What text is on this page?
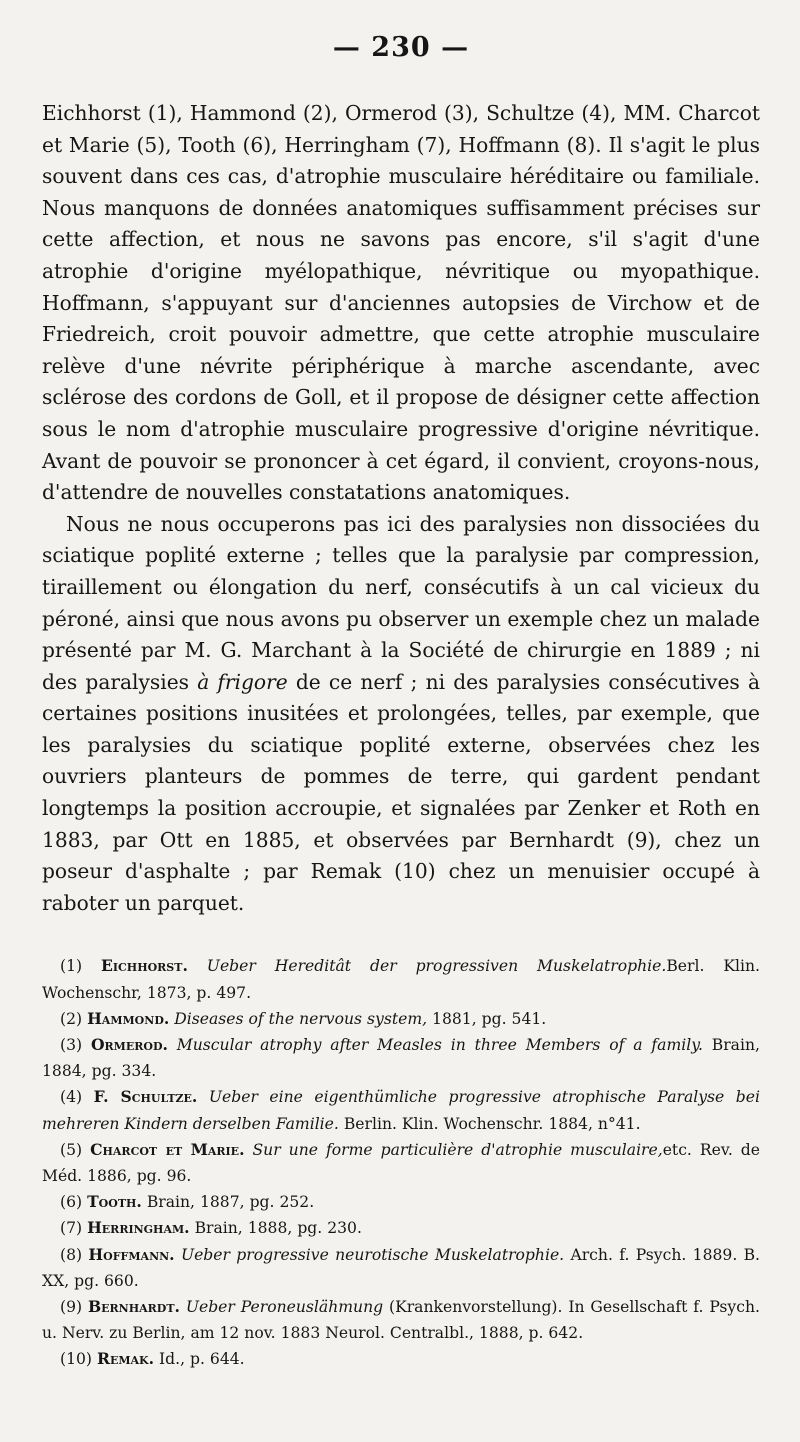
— 230 —

Eichhorst (1), Hammond (2), Ormerod (3), Schultze (4), MM. Charcot et Marie (5), Tooth (6), Herringham (7), Hoffmann (8). Il s'agit le plus souvent dans ces cas, d'atrophie musculaire héréditaire ou familiale. Nous manquons de données anatomiques suffisamment précises sur cette affection, et nous ne savons pas encore, s'il s'agit d'une atrophie d'origine myélopathique, névritique ou myopathique. Hoffmann, s'appuyant sur d'anciennes autopsies de Virchow et de Friedreich, croit pouvoir admettre, que cette atrophie musculaire relève d'une névrite périphérique à marche ascendante, avec sclérose des cordons de Goll, et il propose de désigner cette affection sous le nom d'atrophie musculaire progressive d'origine névritique. Avant de pouvoir se prononcer à cet égard, il convient, croyons-nous, d'attendre de nouvelles constatations anatomiques.

Nous ne nous occuperons pas ici des paralysies non dissociées du sciatique poplité externe ; telles que la paralysie par compression, tiraillement ou élongation du nerf, consécutifs à un cal vicieux du péroné, ainsi que nous avons pu observer un exemple chez un malade présenté par M. G. Marchant à la Société de chirurgie en 1889 ; ni des paralysies à frigore de ce nerf ; ni des paralysies consécutives à certaines positions inusitées et prolongées, telles, par exemple, que les paralysies du sciatique poplité externe, observées chez les ouvriers planteurs de pommes de terre, qui gardent pendant longtemps la position accroupie, et signalées par Zenker et Roth en 1883, par Ott en 1885, et observées par Bernhardt (9), chez un poseur d'asphalte ; par Remak (10) chez un menuisier occupé à raboter un parquet.

(1) Eichhorst. Ueber Hereditât der progressiven Muskelatrophie.Berl. Klin. Wochenschr, 1873, p. 497.

(2) Hammond. Diseases of the nervous system, 1881, pg. 541.

(3) Ormerod. Muscular atrophy after Measles in three Members of a family. Brain, 1884, pg. 334.

(4) F. Schultze. Ueber eine eigenthümliche progressive atrophische Paralyse bei mehreren Kindern derselben Familie. Berlin. Klin. Wochenschr. 1884, n°41.

(5) Charcot et Marie. Sur une forme particulière d'atrophie musculaire,etc. Rev. de Méd. 1886, pg. 96.

(6) Tooth. Brain, 1887, pg. 252.

(7) Herringham. Brain, 1888, pg. 230.

(8) Hoffmann. Ueber progressive neurotische Muskelatrophie. Arch. f. Psych. 1889. B. XX, pg. 660.

(9) Bernhardt. Ueber Peroneuslähmung (Krankenvorstellung). In Gesellschaft f. Psych. u. Nerv. zu Berlin, am 12 nov. 1883 Neurol. Centralbl., 1888, p. 642.

(10) Remak. Id., p. 644.
